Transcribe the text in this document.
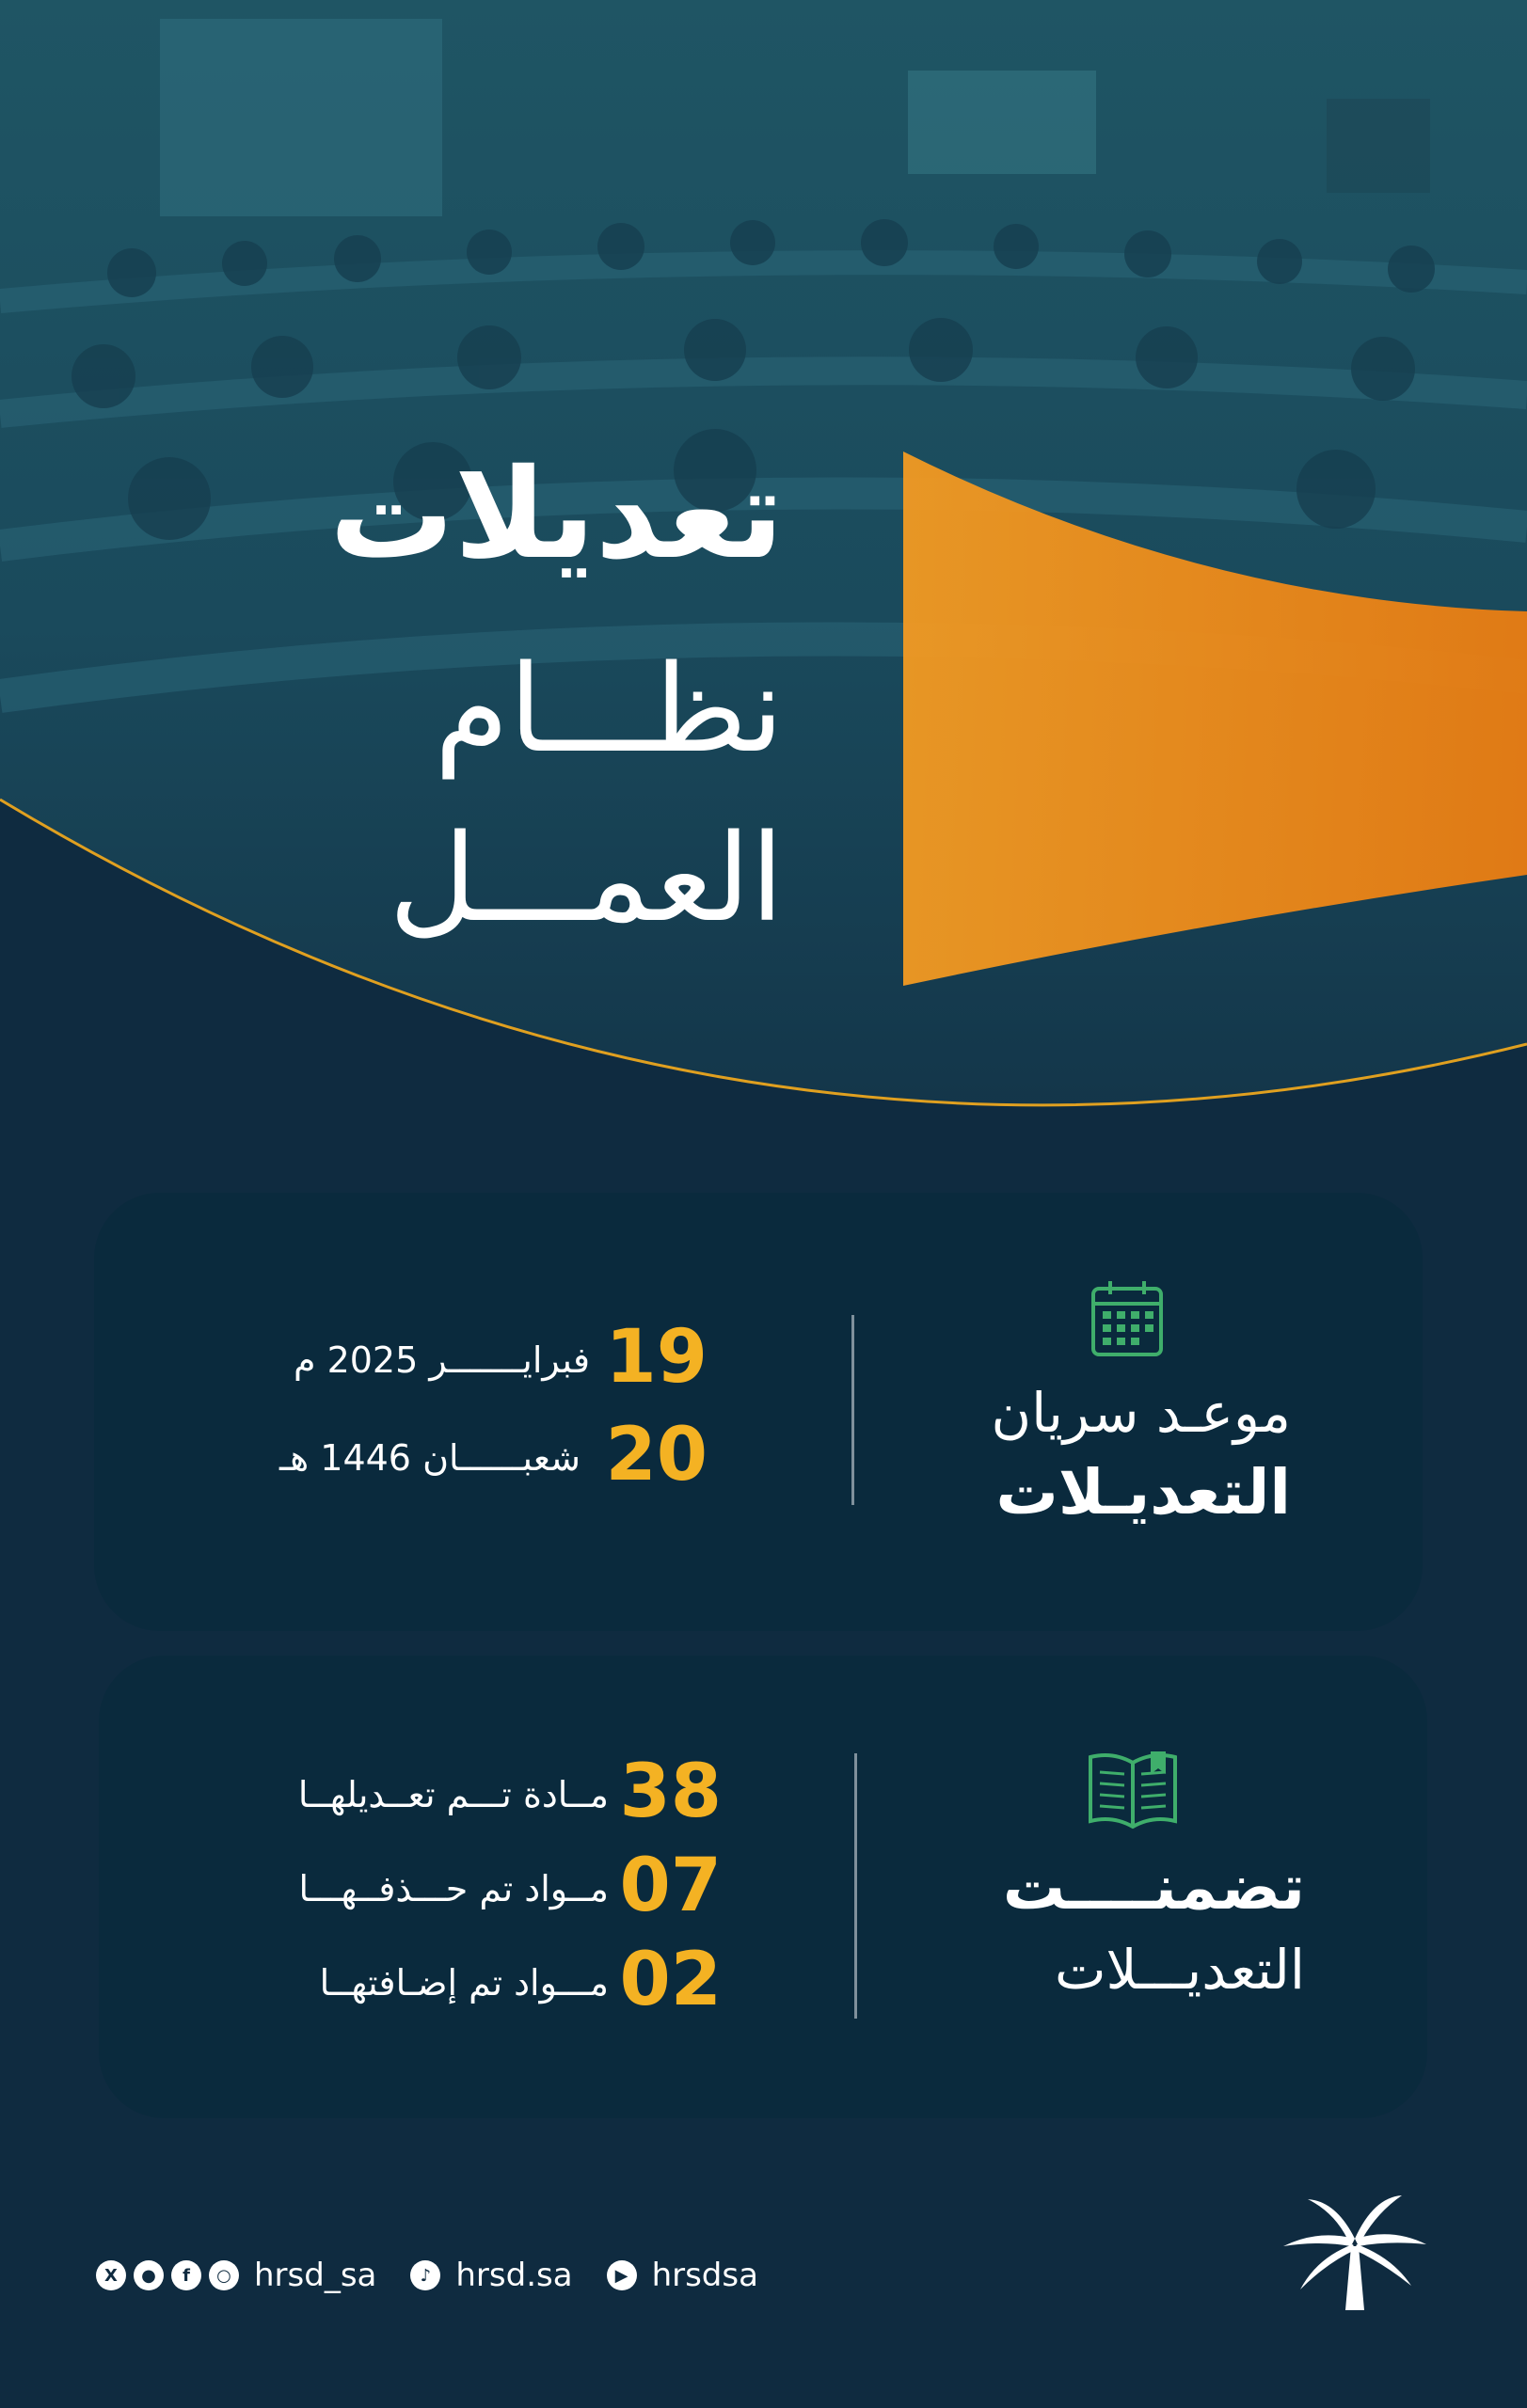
تعديلات
نظـــام
العمـــل
موعـد سريان
التعديـلات
19
فبرايـــــــر 2025 م
20
شعبــــــان 1446 هـ
تضمنــــت
التعديـــلات
38
مــادة تـــم تعــديلهــا
07
مــواد تم حـــذفــهـــا
02
مـــواد تم إضـافتهــا
X	●	f	○ hrsd_sa	♪ hrsd.sa	▶ hrsdsa
